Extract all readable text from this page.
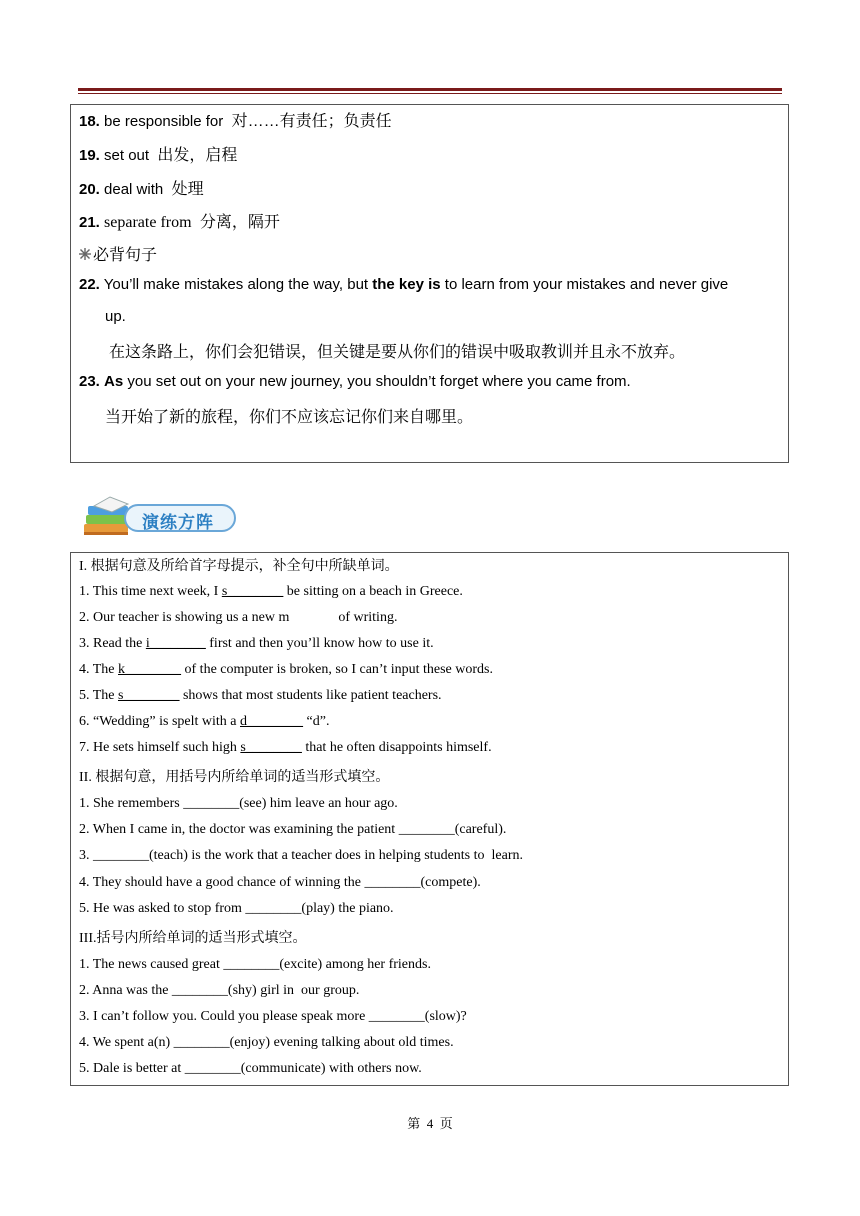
18. be responsible for 对……有责任；负责任
19. set out 出发，启程
20. deal with 处理
21. separate from 分离，隔开
必背句子
22. You’ll make mistakes along the way, but the key is to learn from your mistakes and never give
up.
在这条路上，你们会犯错误，但关键是要从你们的错误中吸取教训并且永不放弃。
23. As you set out on your new journey, you shouldn’t forget where you came from.
当开始了新的旅程，你们不应该忘记你们来自哪里。
演练方阵
I. 根据句意及所给首字母提示，补全句中所缺单词。
1. This time next week, I s________ be sitting on a beach in Greece.
2. Our teacher is showing us a new m              of writing.
3. Read the i________ first and then you’ll know how to use it.
4. The k________ of the computer is broken, so I can’t input these words.
5. The s________ shows that most students like patient teachers.
6. “Wedding” is spelt with a d________ “d”.
7. He sets himself such high s________ that he often disappoints himself.
II. 根据句意，用括号内所给单词的适当形式填空。
1. She remembers ________(see) him leave an hour ago.
2. When I came in, the doctor was examining the patient ________(careful).
3. ________(teach) is the work that a teacher does in helping students to  learn.
4. They should have a good chance of winning the ________(compete).
5. He was asked to stop from ________(play) the piano.
III.括号内所给单词的适当形式填空。
1. The news caused great ________(excite) among her friends.
2. Anna was the ________(shy) girl in  our group.
3. I can’t follow you. Could you please speak more ________(slow)?
4. We spent a(n) ________(enjoy) evening talking about old times.
5. Dale is better at ________(communicate) with others now.
第  4  页
